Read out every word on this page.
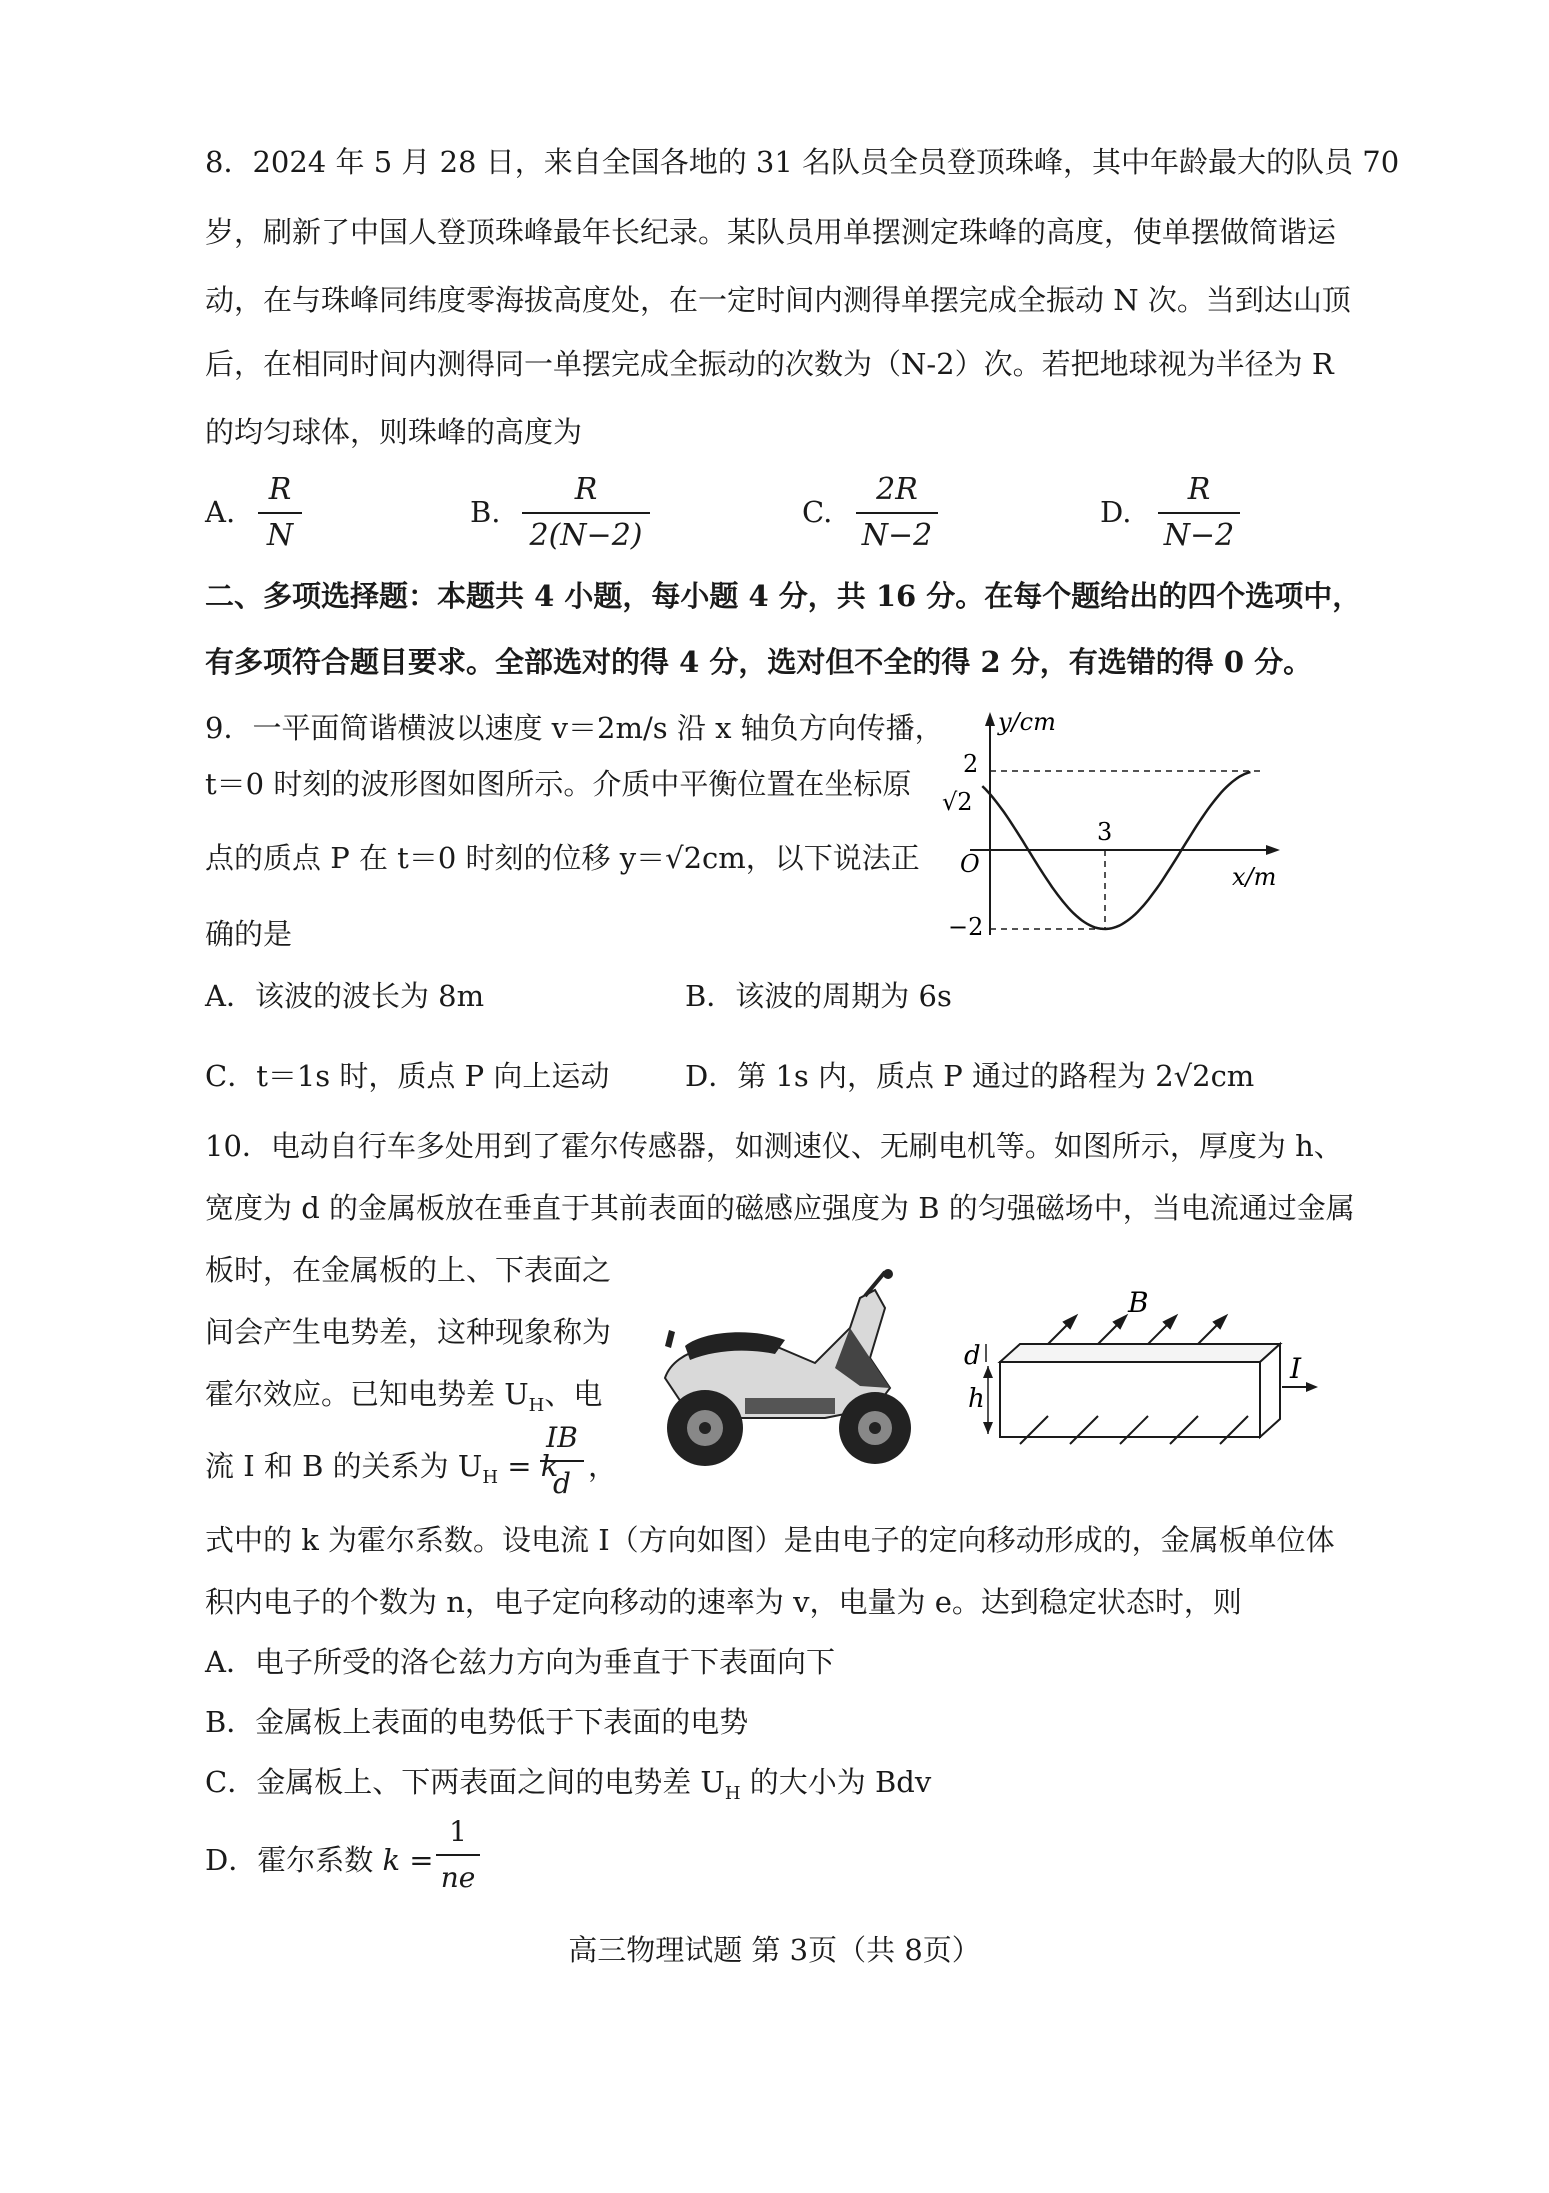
8．2024 年 5 月 28 日，来自全国各地的 31 名队员全员登顶珠峰，其中年龄最大的队员 70
岁，刷新了中国人登顶珠峰最年长纪录。某队员用单摆测定珠峰的高度，使单摆做简谐运
动，在与珠峰同纬度零海拔高度处，在一定时间内测得单摆完成全振动 N 次。当到达山顶
后，在相同时间内测得同一单摆完成全振动的次数为（N-2）次。若把地球视为半径为 R
的均匀球体，则珠峰的高度为
A.
R
N
B.
R
2(N−2)
C.
2R
N−2
D.
R
N−2
二、多项选择题：本题共 4 小题，每小题 4 分，共 16 分。在每个题给出的四个选项中，
有多项符合题目要求。全部选对的得 4 分，选对但不全的得 2 分，有选错的得 0 分。
9．一平面简谐横波以速度 v＝2m/s 沿 x 轴负方向传播，
t＝0 时刻的波形图如图所示。介质中平衡位置在坐标原
点的质点 P 在 t＝0 时刻的位移 y＝√2cm，以下说法正
确的是
y/cm
x/m
O
2
√2
−2
3
A．该波的波长为 8m	B．该波的周期为 6s
C．t＝1s 时，质点 P 向上运动	D．第 1s 内，质点 P 通过的路程为 2√2cm
10．电动自行车多处用到了霍尔传感器，如测速仪、无刷电机等。如图所示，厚度为 h、
宽度为 d 的金属板放在垂直于其前表面的磁感应强度为 B 的匀强磁场中，当电流通过金属
板时，在金属板的上、下表面之
间会产生电势差，这种现象称为
霍尔效应。已知电势差 $U_H$、电
流 I 和 B 的关系为 $U_H = k$
IB
d
，
B
d
h
I
式中的 k 为霍尔系数。设电流 I（方向如图）是由电子的定向移动形成的，金属板单位体
积内电子的个数为 n，电子定向移动的速率为 v，电量为 e。达到稳定状态时，则
A．电子所受的洛仑兹力方向为垂直于下表面向下
B．金属板上表面的电势低于下表面的电势
C．金属板上、下两表面之间的电势差 $U_H$ 的大小为 Bdv
D．霍尔系数 k =
1
ne
高三物理试题 第 3页（共 8页）
